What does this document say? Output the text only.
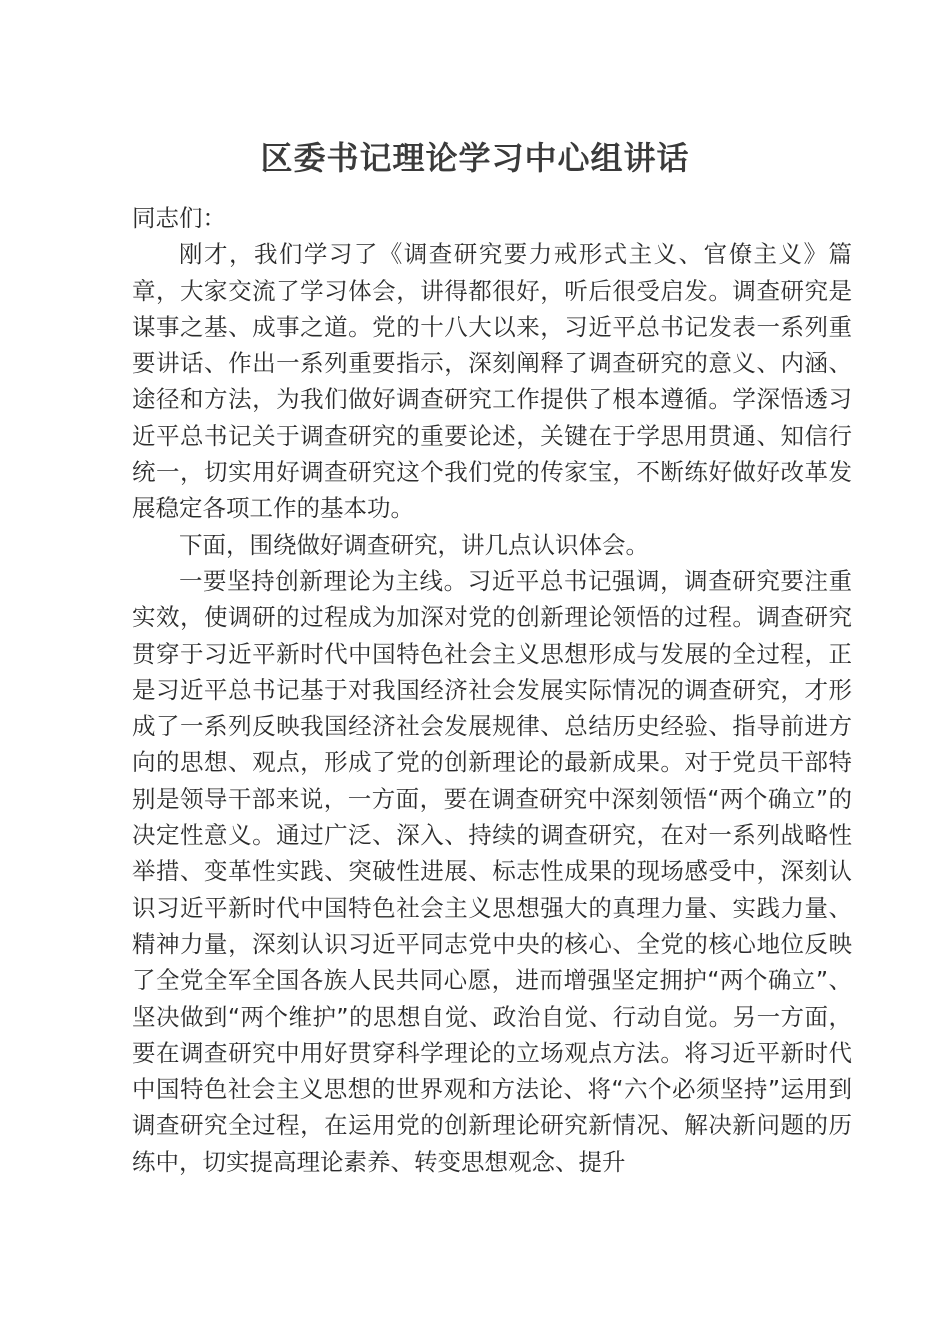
区委书记理论学习中心组讲话

同志们：

刚才，我们学习了《调查研究要力戒形式主义、官僚主义》篇章，大家交流了学习体会，讲得都很好，听后很受启发。调查研究是谋事之基、成事之道。党的十八大以来，习近平总书记发表一系列重要讲话、作出一系列重要指示，深刻阐释了调查研究的意义、内涵、途径和方法，为我们做好调查研究工作提供了根本遵循。学深悟透习近平总书记关于调查研究的重要论述，关键在于学思用贯通、知信行统一，切实用好调查研究这个我们党的传家宝，不断练好做好改革发展稳定各项工作的基本功。

下面，围绕做好调查研究，讲几点认识体会。

一要坚持创新理论为主线。习近平总书记强调，调查研究要注重实效，使调研的过程成为加深对党的创新理论领悟的过程。调查研究贯穿于习近平新时代中国特色社会主义思想形成与发展的全过程，正是习近平总书记基于对我国经济社会发展实际情况的调查研究，才形成了一系列反映我国经济社会发展规律、总结历史经验、指导前进方向的思想、观点，形成了党的创新理论的最新成果。对于党员干部特别是领导干部来说，一方面，要在调查研究中深刻领悟“两个确立”的决定性意义。通过广泛、深入、持续的调查研究，在对一系列战略性举措、变革性实践、突破性进展、标志性成果的现场感受中，深刻认识习近平新时代中国特色社会主义思想强大的真理力量、实践力量、精神力量，深刻认识习近平同志党中央的核心、全党的核心地位反映了全党全军全国各族人民共同心愿，进而增强坚定拥护“两个确立”、坚决做到“两个维护”的思想自觉、政治自觉、行动自觉。另一方面，要在调查研究中用好贯穿科学理论的立场观点方法。将习近平新时代中国特色社会主义思想的世界观和方法论、将“六个必须坚持”运用到调查研究全过程，在运用党的创新理论研究新情况、解决新问题的历练中，切实提高理论素养、转变思想观念、提升
